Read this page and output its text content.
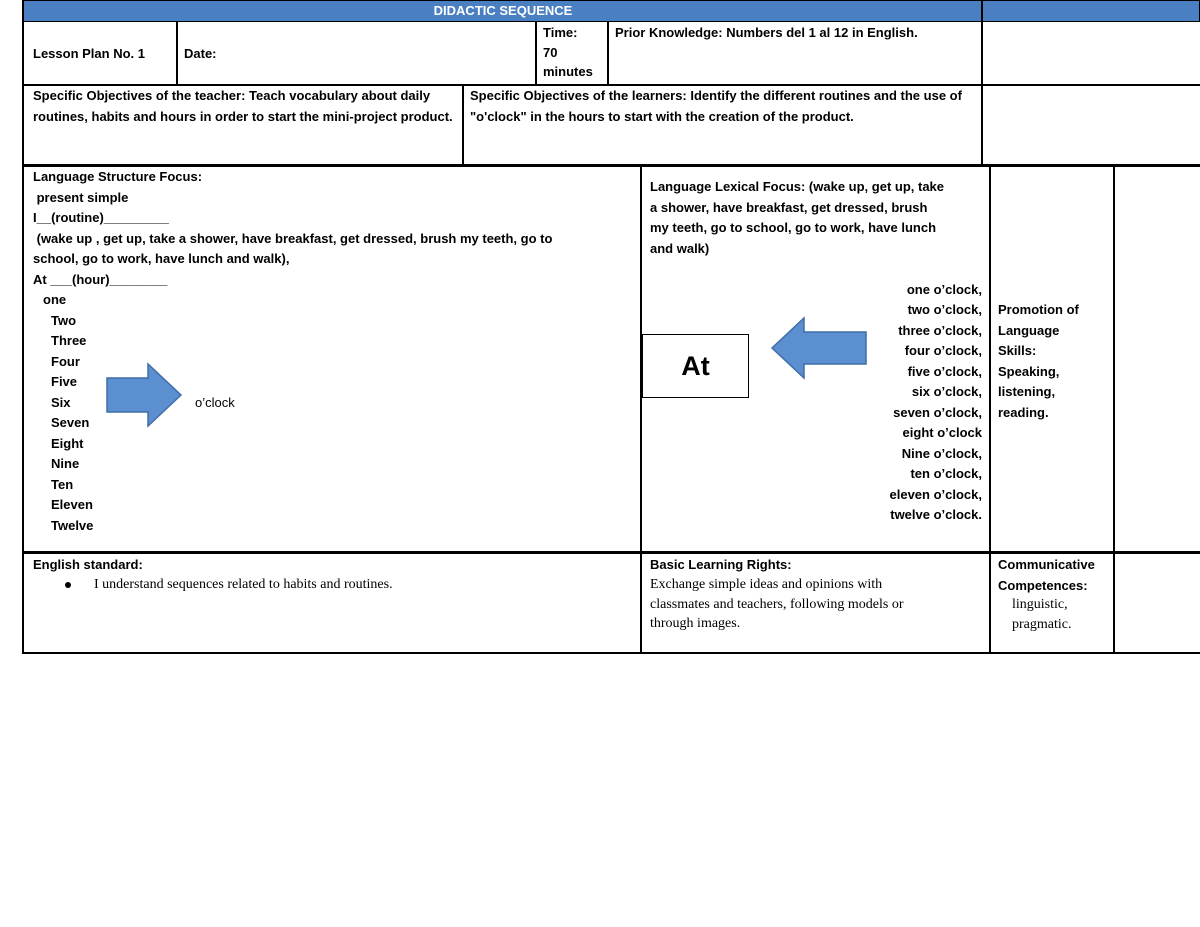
DIDACTIC SEQUENCE
Lesson Plan No. 1	Date:
Time:
70
minutes
Prior Knowledge: Numbers del 1 al 12 in English.
Specific Objectives of the teacher: Teach vocabulary about daily routines, habits and hours in order to start the mini-project product.
Specific Objectives of the learners: Identify the different routines and the use of "o'clock" in the hours to start with the creation of the product.
Language Structure Focus:
present simple
I__(routine)_________
(wake up , get up, take a shower, have breakfast, get dressed, brush my teeth, go to
school, go to work, have lunch and walk),
At ___(hour)________
one
Two
Three
Four
Five
Six
Seven
Eight
Nine
Ten
Eleven
Twelve
o’clock
Language Lexical Focus: (wake up, get up, take
a shower, have breakfast, get dressed, brush
my teeth, go to school, go to work, have lunch
and walk)
At
one o’clock,
two o’clock,
three o’clock,
four o’clock,
five o’clock,
six o’clock,
seven o’clock,
eight o’clock
Nine o’clock,
ten o’clock,
eleven o’clock,
twelve o’clock.
Promotion of
Language
Skills:
Speaking,
listening,
reading.
English standard:
I understand sequences related to habits and routines.
Basic Learning Rights:
Exchange simple ideas and opinions with
classmates and teachers, following models or
through images.
Communicative
Competences:
linguistic,
pragmatic.
